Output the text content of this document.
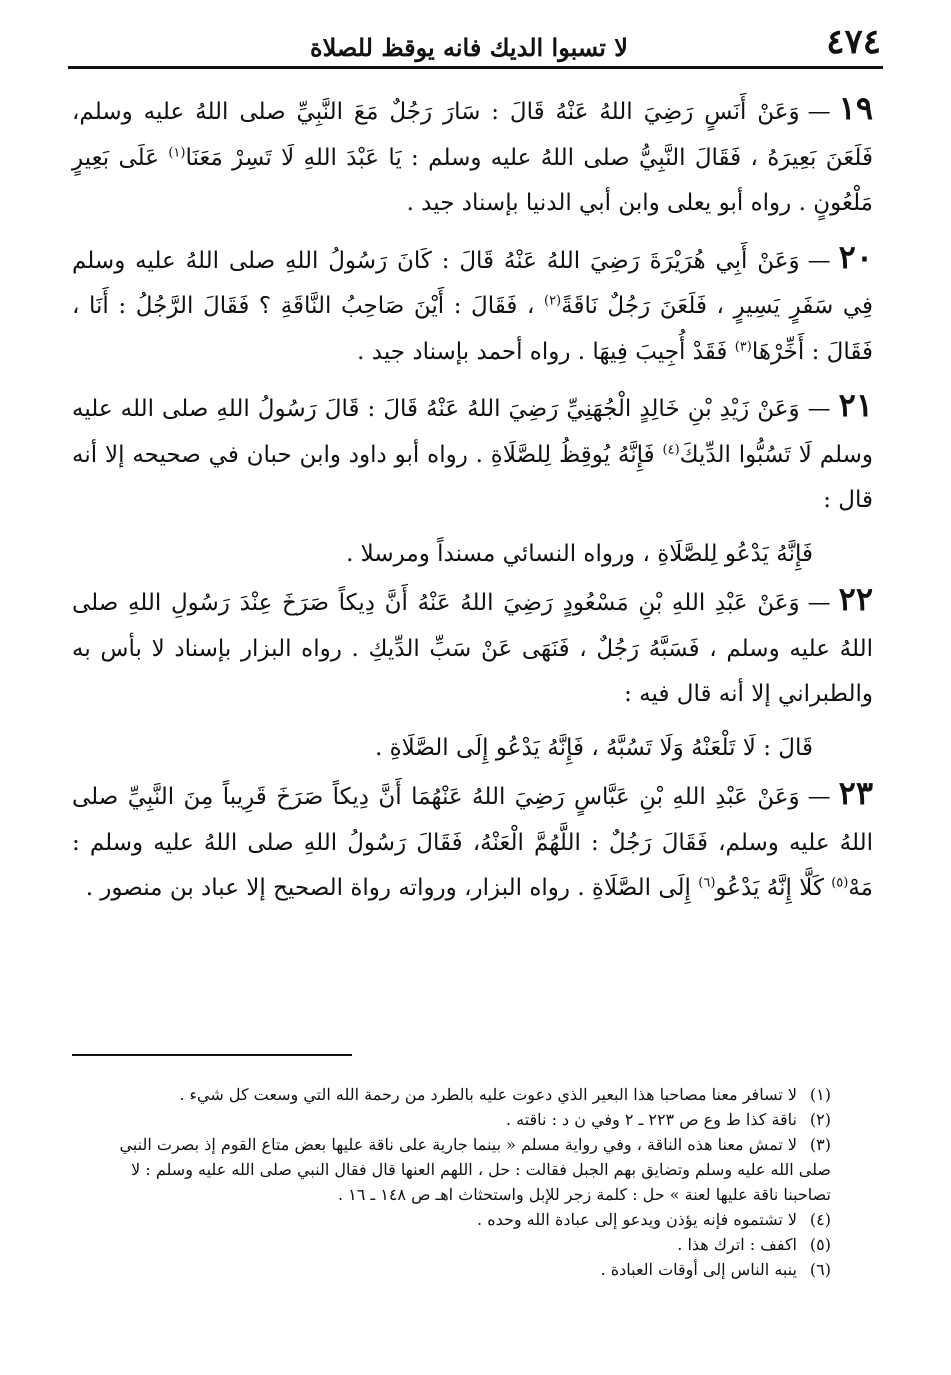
٤٧٤
لا تسبوا الديك فانه يوقظ للصلاة

١٩—وَعَنْ أَنَسٍ رَضِيَ اللهُ عَنْهُ قَالَ : سَارَ رَجُلٌ مَعَ النَّبِيِّ صلى اللهُ عليه وسلم، فَلَعَنَ بَعِيرَهُ ، فَقَالَ النَّبِيُّ صلى اللهُ عليه وسلم : يَا عَبْدَ اللهِ لَا تَسِرْ مَعَنَا$^{(١)}$ عَلَى بَعِيرٍ مَلْعُونٍ . رواه أبو يعلى وابن أبي الدنيا بإسناد جيد .

٢٠—وَعَنْ أَبِي هُرَيْرَةَ رَضِيَ اللهُ عَنْهُ قَالَ : كَانَ رَسُولُ اللهِ صلى اللهُ عليه وسلم فِي سَفَرٍ يَسِيرٍ ، فَلَعَنَ رَجُلٌ نَاقَةً$^{(٢)}$ ، فَقَالَ : أَيْنَ صَاحِبُ النَّاقَةِ ؟ فَقَالَ الرَّجُلُ : أَنَا ، فَقَالَ : أَخِّرْهَا$^{(٣)}$ فَقَدْ أُجِيبَ فِيهَا . رواه أحمد بإسناد جيد .

٢١—وَعَنْ زَيْدِ بْنِ خَالِدٍ الْجُهَنِيِّ رَضِيَ اللهُ عَنْهُ قَالَ : قَالَ رَسُولُ اللهِ صلى الله عليه وسلم لَا تَسُبُّوا الدِّيكَ$^{(٤)}$ فَإِنَّهُ يُوقِظُ لِلصَّلَاةِ . رواه أبو داود وابن حبان في صحيحه إلا أنه قال :

فَإِنَّهُ يَدْعُو لِلصَّلَاةِ ، ورواه النسائي مسنداً ومرسلا .

٢٢—وَعَنْ عَبْدِ اللهِ بْنِ مَسْعُودٍ رَضِيَ اللهُ عَنْهُ أَنَّ دِيكاً صَرَخَ عِنْدَ رَسُولِ اللهِ صلى اللهُ عليه وسلم ، فَسَبَّهُ رَجُلٌ ، فَنَهَى عَنْ سَبِّ الدِّيكِ . رواه البزار بإسناد لا بأس به والطبراني إلا أنه قال فيه :

قَالَ : لَا تَلْعَنْهُ وَلَا تَسُبَّهُ ، فَإِنَّهُ يَدْعُو إِلَى الصَّلَاةِ .

٢٣—وَعَنْ عَبْدِ اللهِ بْنِ عَبَّاسٍ رَضِيَ اللهُ عَنْهُمَا أَنَّ دِيكاً صَرَخَ قَرِيباً مِنَ النَّبِيِّ صلى اللهُ عليه وسلم، فَقَالَ رَجُلٌ : اللَّهُمَّ الْعَنْهُ، فَقَالَ رَسُولُ اللهِ صلى اللهُ عليه وسلم : مَهْ$^{(٥)}$ كَلَّا إِنَّهُ يَدْعُو$^{(٦)}$ إِلَى الصَّلَاةِ . رواه البزار، ورواته رواة الصحيح إلا عباد بن منصور .

(١)لا تسافر معنا مصاحبا هذا البعير الذي دعوت عليه بالطرد من رحمة الله التي وسعت كل شيء .

(٢)ناقة كذا ط وع ص ٢٢٣ ـ ٢ وفي ن د : ناقته .

(٣)لا تمش معنا هذه الناقة ، وفي رواية مسلم « بينما جارية على ناقة عليها بعض متاع القوم إذ بصرت النبي صلى الله عليه وسلم وتضايق بهم الجبل فقالت : حل ، اللهم العنها قال فقال النبي صلى الله عليه وسلم : لا تصاحبنا ناقة عليها لعنة » حل : كلمة زجر للإبل واستحثاث اهـ ص ١٤٨ ـ ١٦ .

(٤)لا تشتموه فإنه يؤذن ويدعو إلى عبادة الله وحده .

(٥)اكفف : اترك هذا .

(٦)ينبه الناس إلى أوقات العبادة .
